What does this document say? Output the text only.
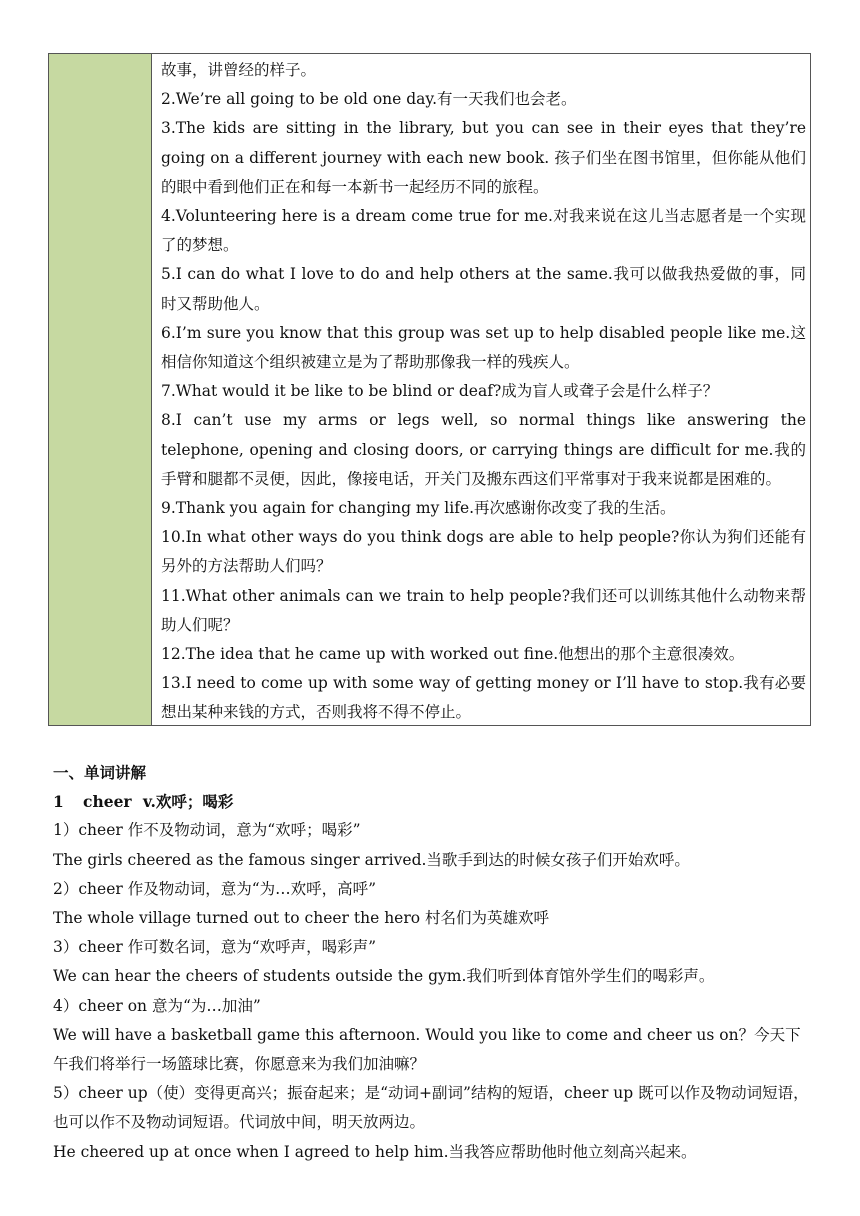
故事，讲曾经的样子。

2.We’re all going to be old one day.有一天我们也会老。

3.The kids are sitting in the library, but you can see in their eyes that they’re going on a different journey with each new book. 孩子们坐在图书馆里，但你能从他们的眼中看到他们正在和每一本新书一起经历不同的旅程。

4.Volunteering here is a dream come true for me.对我来说在这儿当志愿者是一个实现了的梦想。

5.I can do what I love to do and help others at the same.我可以做我热爱做的事，同时又帮助他人。

6.I’m sure you know that this group was set up to help disabled people like me.这相信你知道这个组织被建立是为了帮助那像我一样的残疾人。

7.What would it be like to be blind or deaf?成为盲人或聋子会是什么样子？

8.I can’t use my arms or legs well, so normal things like answering the telephone, opening and closing doors, or carrying things are difficult for me.我的手臂和腿都不灵便，因此，像接电话，开关门及搬东西这们平常事对于我来说都是困难的。

9.Thank you again for changing my life.再次感谢你改变了我的生活。

10.In what other ways do you think dogs are able to help people?你认为狗们还能有另外的方法帮助人们吗？

11.What other animals can we train to help people?我们还可以训练其他什么动物来帮助人们呢？

12.The idea that he came up with worked out fine.他想出的那个主意很凑效。

13.I need to come up with some way of getting money or I’ll have to stop.我有必要想出某种来钱的方式，否则我将不得不停止。

一、单词讲解

1 cheer v.欢呼；喝彩

1）cheer 作不及物动词，意为“欢呼；喝彩”

The girls cheered as the famous singer arrived.当歌手到达的时候女孩子们开始欢呼。

2）cheer 作及物动词，意为“为…欢呼，高呼”

The whole village turned out to cheer the hero 村名们为英雄欢呼

3）cheer 作可数名词，意为“欢呼声，喝彩声”

We can hear the cheers of students outside the gym.我们听到体育馆外学生们的喝彩声。

4）cheer on 意为“为…加油”

We will have a basketball game this afternoon. Would you like to come and cheer us on？今天下午我们将举行一场篮球比赛，你愿意来为我们加油嘛？

5）cheer up（使）变得更高兴；振奋起来；是“动词+副词”结构的短语，cheer up 既可以作及物动词短语，也可以作不及物动词短语。代词放中间，明天放两边。

He cheered up at once when I agreed to help him.当我答应帮助他时他立刻高兴起来。
